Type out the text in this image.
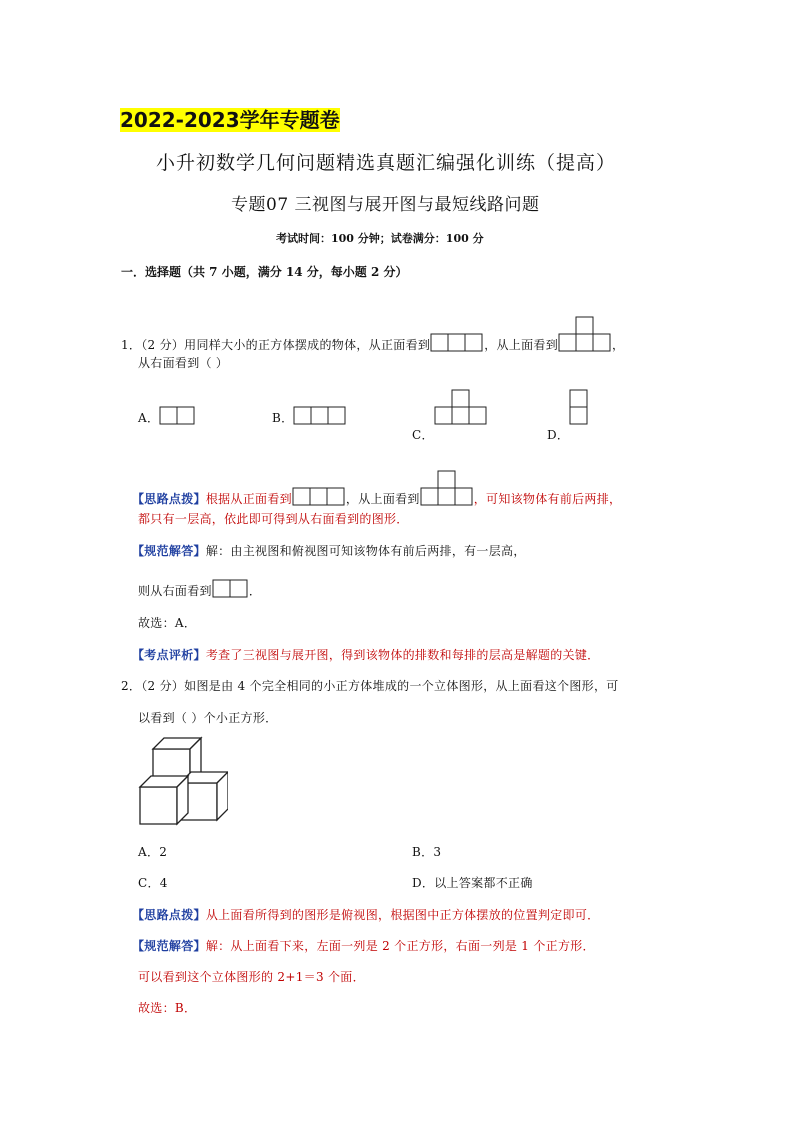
2022-2023学年专题卷
小升初数学几何问题精选真题汇编强化训练（提高）
专题07 三视图与展开图与最短线路问题
考试时间：100 分钟；试卷满分：100 分
一．选择题（共 7 小题，满分 14 分，每小题 2 分）
1．（2 分）用同样大小的正方体摆成的物体，从正面看到	，从上面看到	，
从右面看到（ ）
A．	B．
C．	D．
【思路点拨】根据从正面看到	，从上面看到	，可知该物体有前后两排，
都只有一层高，依此即可得到从右面看到的图形．
【规范解答】解：由主视图和俯视图可知该物体有前后两排，有一层高，
则从右面看到	．
故选：A．
【考点评析】考查了三视图与展开图，得到该物体的排数和每排的层高是解题的关键．
2．（2 分）如图是由 4 个完全相同的小正方体堆成的一个立体图形，从上面看这个图形，可
以看到（ ）个小正方形．
A．2	B．3
C．4	D．以上答案都不正确
【思路点拨】从上面看所得到的图形是俯视图，根据图中正方体摆放的位置判定即可．
【规范解答】解：从上面看下来，左面一列是 2 个正方形，右面一列是 1 个正方形．
可以看到这个立体图形的 2+1＝3 个面．
故选：B．
